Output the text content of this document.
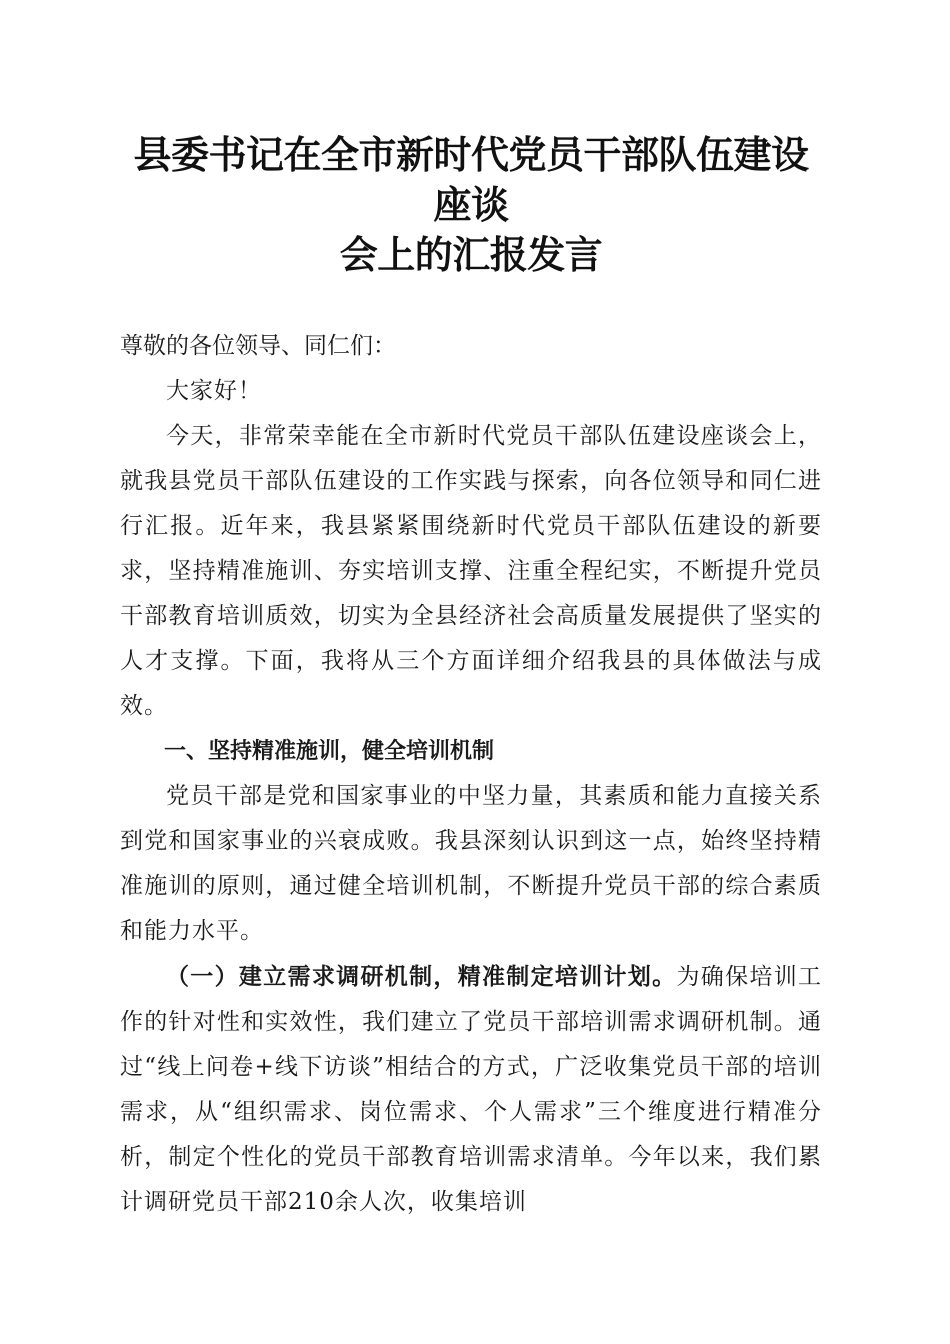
县委书记在全市新时代党员干部队伍建设座谈
会上的汇报发言

尊敬的各位领导、同仁们：

大家好！

今天，非常荣幸能在全市新时代党员干部队伍建设座谈会上，就我县党员干部队伍建设的工作实践与探索，向各位领导和同仁进行汇报。近年来，我县紧紧围绕新时代党员干部队伍建设的新要求，坚持精准施训、夯实培训支撑、注重全程纪实，不断提升党员干部教育培训质效，切实为全县经济社会高质量发展提供了坚实的人才支撑。下面，我将从三个方面详细介绍我县的具体做法与成效。

一、坚持精准施训，健全培训机制

党员干部是党和国家事业的中坚力量，其素质和能力直接关系到党和国家事业的兴衰成败。我县深刻认识到这一点，始终坚持精准施训的原则，通过健全培训机制，不断提升党员干部的综合素质和能力水平。

（一）建立需求调研机制，精准制定培训计划。为确保培训工作的针对性和实效性，我们建立了党员干部培训需求调研机制。通过“线上问卷+线下访谈”相结合的方式，广泛收集党员干部的培训需求，从“组织需求、岗位需求、个人需求”三个维度进行精准分析，制定个性化的党员干部教育培训需求清单。今年以来，我们累计调研党员干部210余人次，收集培训
